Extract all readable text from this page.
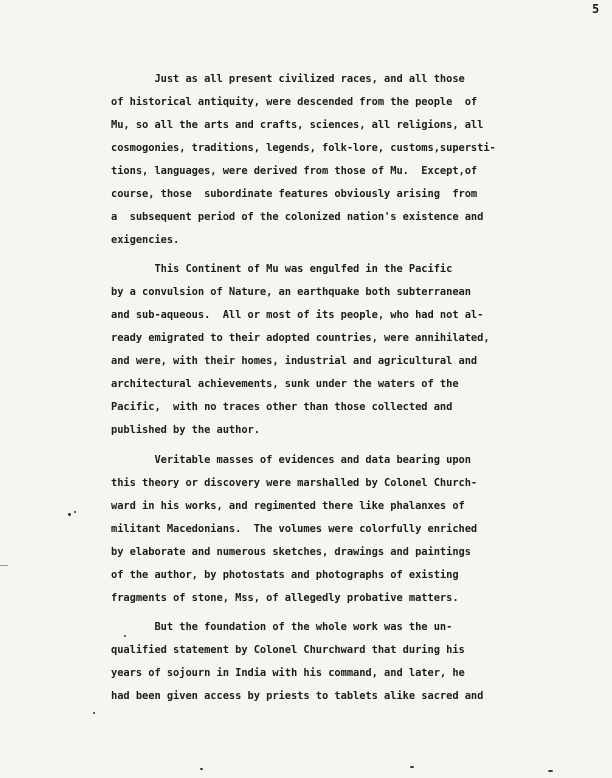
5
Just as all present civilized races, and all those
of historical antiquity, were descended from the people  of
Mu, so all the arts and crafts, sciences, all religions, all
cosmogonies, traditions, legends, folk-lore, customs,supersti-
tions, languages, were derived from those of Mu.  Except,of
course, those  subordinate features obviously arising  from
a  subsequent period of the colonized nation's existence and
exigencies.
This Continent of Mu was engulfed in the Pacific
by a convulsion of Nature, an earthquake both subterranean
and sub-aqueous.  All or most of its people, who had not al-
ready emigrated to their adopted countries, were annihilated,
and were, with their homes, industrial and agricultural and
architectural achievements, sunk under the waters of the
Pacific,  with no traces other than those collected and
published by the author.
Veritable masses of evidences and data bearing upon
this theory or discovery were marshalled by Colonel Church-
ward in his works, and regimented there like phalanxes of
militant Macedonians.  The volumes were colorfully enriched
by elaborate and numerous sketches, drawings and paintings
of the author, by photostats and photographs of existing
fragments of stone, Mss, of allegedly probative matters.
But the foundation of the whole work was the un-
qualified statement by Colonel Churchward that during his
years of sojourn in India with his command, and later, he
had been given access by priests to tablets alike sacred and
